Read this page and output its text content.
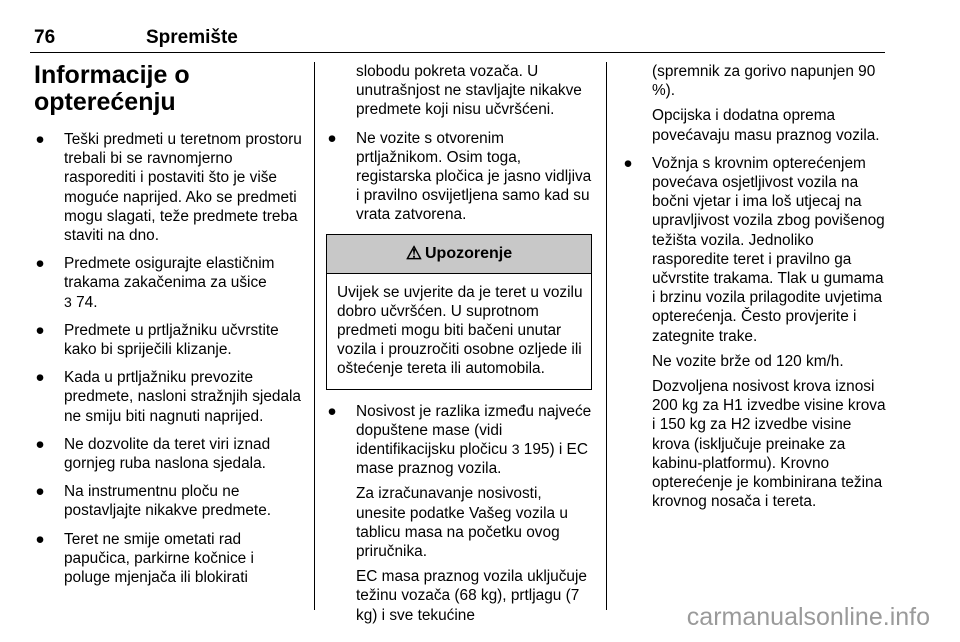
76	Spremište
Informacije o
opterećenju
● Teški predmeti u teretnom prostoru trebali bi se ravnomjerno rasporediti i postaviti što je više moguće naprijed. Ako se predmeti mogu slagati, teže predmete treba staviti na dno.
● Predmete osigurajte elastičnim trakama zakačenima za ušice
3 74.
● Predmete u prtljažniku učvrstite kako bi spriječili klizanje.
● Kada u prtljažniku prevozite predmete, nasloni stražnjih sjedala ne smiju biti nagnuti naprijed.
● Ne dozvolite da teret viri iznad gornjeg ruba naslona sjedala.
● Na instrumentnu ploču ne postavljajte nikakve predmete.
● Teret ne smije ometati rad papučica, parkirne kočnice i poluge mjenjača ili blokirati
slobodu pokreta vozača. U unutrašnjost ne stavljajte nikakve predmete koji nisu učvršćeni.
● Ne vozite s otvorenim prtljažnikom. Osim toga, registarska pločica je jasno vidljiva i pravilno osvijetljena samo kad su vrata zatvorena.
⚠ Upozorenje
Uvijek se uvjerite da je teret u vozilu dobro učvršćen. U suprotnom predmeti mogu biti bačeni unutar vozila i prouzročiti osobne ozljede ili oštećenje tereta ili automobila.
● Nosivost je razlika između najveće dopuštene mase (vidi identifikacijsku pločicu 3 195) i EC mase praznog vozila.

Za izračunavanje nosivosti, unesite podatke Vašeg vozila u tablicu masa na početku ovog priručnika.

EC masa praznog vozila uključuje težinu vozača (68 kg), prtljagu (7 kg) i sve tekućine

(spremnik za gorivo napunjen 90 %).
Opcijska i dodatna oprema povećavaju masu praznog vozila.
● Vožnja s krovnim opterećenjem povećava osjetljivost vozila na bočni vjetar i ima loš utjecaj na upravljivost vozila zbog povišenog težišta vozila. Jednoliko rasporedite teret i pravilno ga učvrstite trakama. Tlak u gumama i brzinu vozila prilagodite uvjetima opterećenja. Često provjerite i zategnite trake.

Ne vozite brže od 120 km/h.

Dozvoljena nosivost krova iznosi 200 kg za H1 izvedbe visine krova i 150 kg za H2 izvedbe visine krova (isključuje preinake za kabinu-platformu). Krovno opterećenje je kombinirana težina krovnog nosača i tereta.

carmanualsonline.info
